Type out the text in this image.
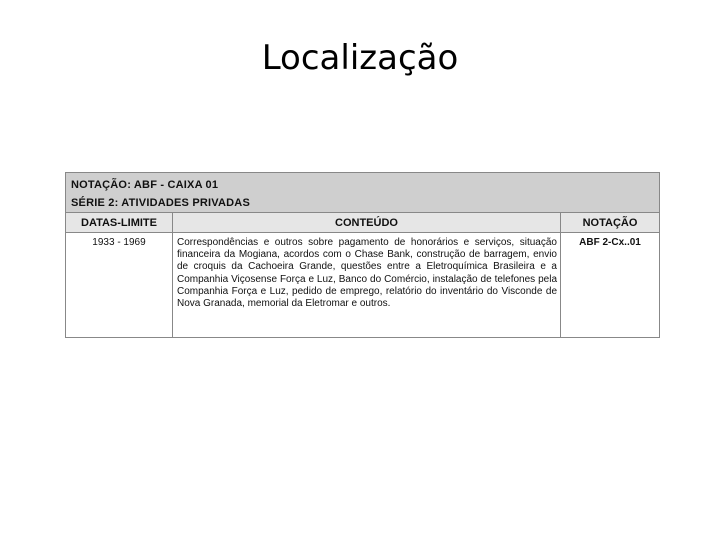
Localização
NOTAÇÃO: ABF - CAIXA 01		
SÉRIE 2: ATIVIDADES PRIVADAS		
DATAS-LIMITE	CONTEÚDO	NOTAÇÃO
1933 - 1969	Correspondências e outros sobre pagamento de honorários e serviços, situação financeira da Mogiana, acordos com o Chase Bank, construção de barragem, envio de croquis da Cachoeira Grande, questões entre a Eletroquímica Brasileira e a Companhia Viçosense Força e Luz, Banco do Comércio, instalação de telefones pela Companhia Força e Luz, pedido de emprego, relatório do inventário do Visconde de Nova Granada, memorial da Eletromar e outros.	ABF 2-Cx..01
